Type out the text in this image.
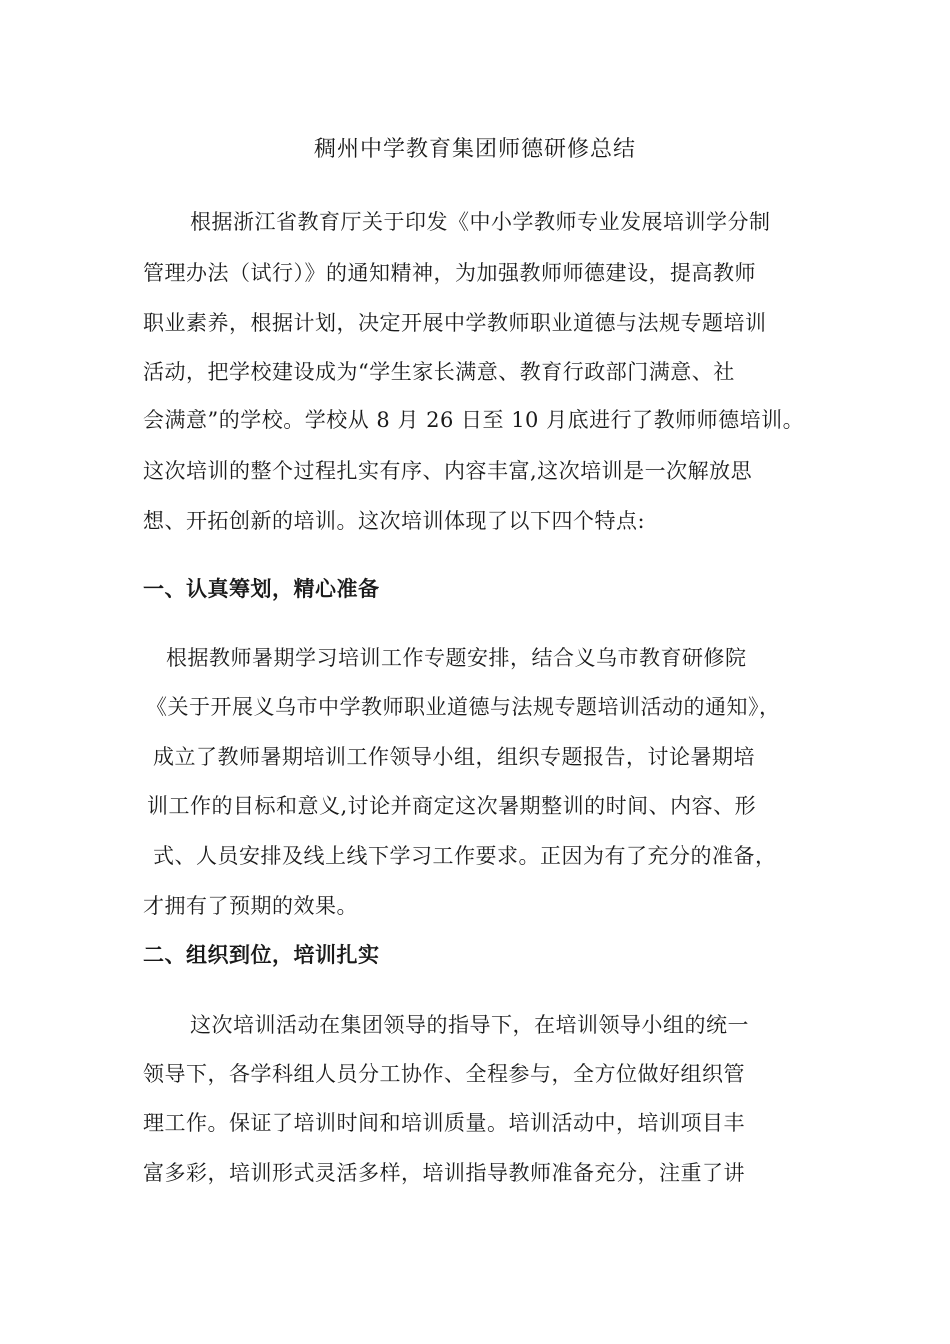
稠州中学教育集团师德研修总结
根据浙江省教育厅关于印发《中小学教师专业发展培训学分制
管理办法（试行）》的通知精神，为加强教师师德建设，提高教师
职业素养，根据计划，决定开展中学教师职业道德与法规专题培训
活动，把学校建设成为“学生家长满意、教育行政部门满意、社
会满意”的学校。学校从 8 月 26 日至 10 月底进行了教师师德培训。
这次培训的整个过程扎实有序、内容丰富,这次培训是一次解放思
想、开拓创新的培训。这次培训体现了以下四个特点:
一、认真筹划，精心准备
根据教师暑期学习培训工作专题安排，结合义乌市教育研修院
《关于开展义乌市中学教师职业道德与法规专题培训活动的通知》，
成立了教师暑期培训工作领导小组，组织专题报告，讨论暑期培
训工作的目标和意义,讨论并商定这次暑期整训的时间、内容、形
式、人员安排及线上线下学习工作要求。正因为有了充分的准备，
才拥有了预期的效果。
二、组织到位，培训扎实
这次培训活动在集团领导的指导下，在培训领导小组的统一
领导下，各学科组人员分工协作、全程参与，全方位做好组织管
理工作。保证了培训时间和培训质量。培训活动中，培训项目丰
富多彩，培训形式灵活多样，培训指导教师准备充分，注重了讲
